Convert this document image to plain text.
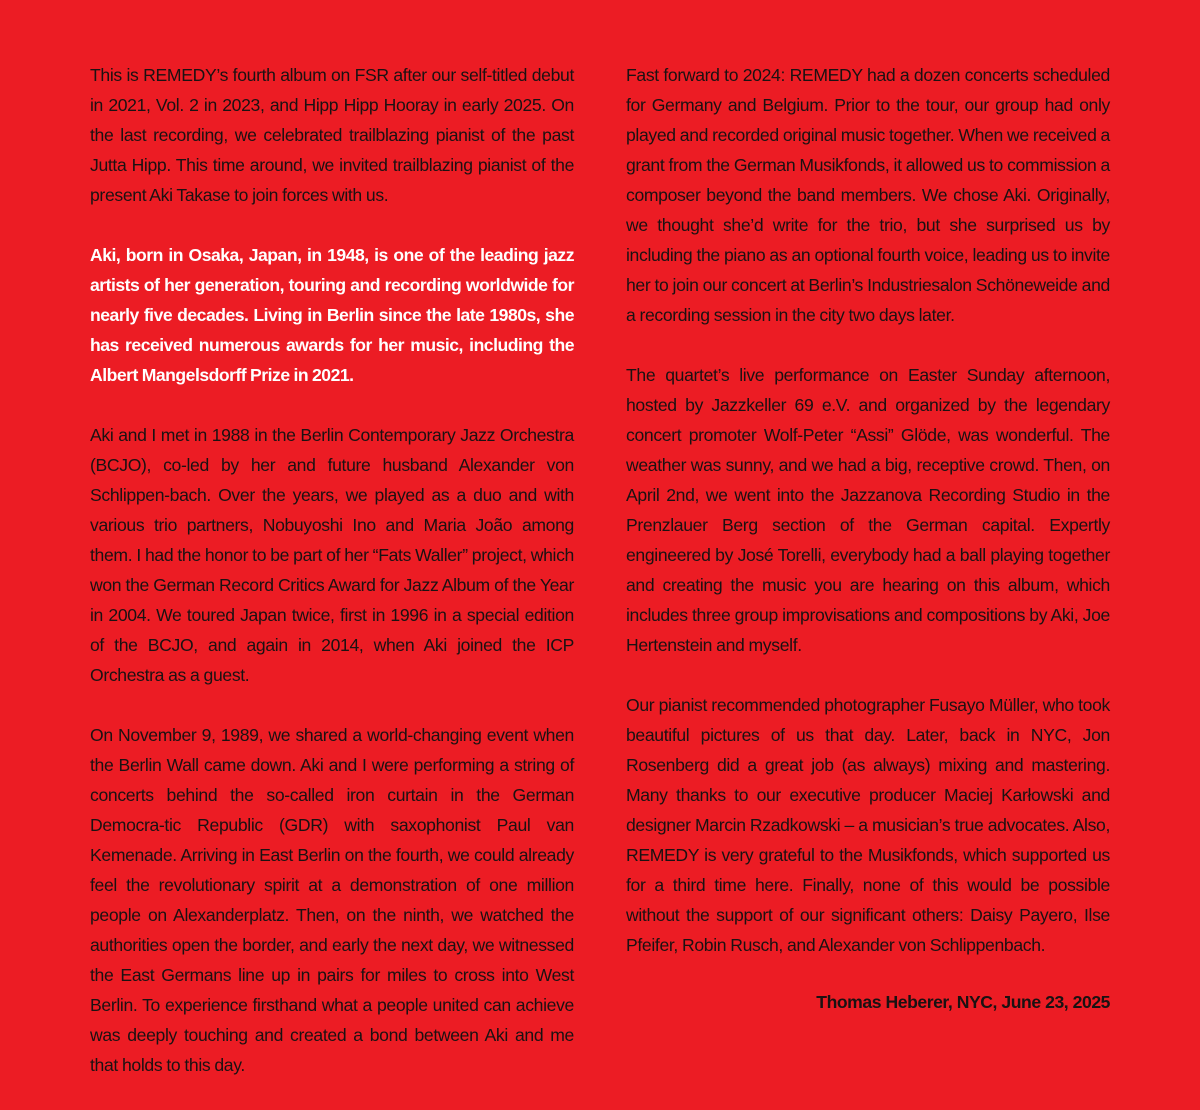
This is REMEDY’s fourth album on FSR after our self-titled debut in 2021, Vol. 2 in 2023, and Hipp Hipp Hooray in early 2025. On the last recording, we celebrated trailblazing pianist of the past Jutta Hipp. This time around, we invited trailblazing pianist of the present Aki Takase to join forces with us.

Aki, born in Osaka, Japan, in 1948, is one of the leading jazz artists of her generation, touring and recording worldwide for nearly five decades. Living in Berlin since the late 1980s, she has received numerous awards for her music, including the Albert Mangelsdorff Prize in 2021.

Aki and I met in 1988 in the Berlin Contemporary Jazz Orchestra (BCJO), co-led by her and future husband Alexander von Schlippen-bach. Over the years, we played as a duo and with various trio partners, Nobuyoshi Ino and Maria João among them. I had the honor to be part of her “Fats Waller” project, which won the German Record Critics Award for Jazz Album of the Year in 2004. We toured Japan twice, first in 1996 in a special edition of the BCJO, and again in 2014, when Aki joined the ICP Orchestra as a guest.

On November 9, 1989, we shared a world-changing event when the Berlin Wall came down. Aki and I were performing a string of concerts behind the so-called iron curtain in the German Democra-tic Republic (GDR) with saxophonist Paul van Kemenade. Arriving in East Berlin on the fourth, we could already feel the revolutionary spirit at a demonstration of one million people on Alexanderplatz. Then, on the ninth, we watched the authorities open the border, and early the next day, we witnessed the East Germans line up in pairs for miles to cross into West Berlin. To experience firsthand what a people united can achieve was deeply touching and created a bond between Aki and me that holds to this day.

Fast forward to 2024: REMEDY had a dozen concerts scheduled for Germany and Belgium. Prior to the tour, our group had only played and recorded original music together. When we received a grant from the German Musikfonds, it allowed us to commission a composer beyond the band members. We chose Aki. Originally, we thought she’d write for the trio, but she surprised us by including the piano as an optional fourth voice, leading us to invite her to join our concert at Berlin’s Industriesalon Schöneweide and a recording session in the city two days later.

The quartet’s live performance on Easter Sunday afternoon, hosted by Jazzkeller 69 e.V. and organized by the legendary concert promoter Wolf-Peter “Assi” Glöde, was wonderful. The weather was sunny, and we had a big, receptive crowd. Then, on April 2nd, we went into the Jazzanova Recording Studio in the Prenzlauer Berg section of the German capital. Expertly engineered by José Torelli, everybody had a ball playing together and creating the music you are hearing on this album, which includes three group improvisations and compositions by Aki, Joe Hertenstein and myself.

Our pianist recommended photographer Fusayo Müller, who took beautiful pictures of us that day. Later, back in NYC, Jon Rosenberg did a great job (as always) mixing and mastering. Many thanks to our executive producer Maciej Karłowski and designer Marcin Rzadkowski – a musician’s true advocates. Also, REMEDY is very grateful to the Musikfonds, which supported us for a third time here. Finally, none of this would be possible without the support of our significant others: Daisy Payero, Ilse Pfeifer, Robin Rusch, and Alexander von Schlippenbach.

Thomas Heberer, NYC, June 23, 2025
